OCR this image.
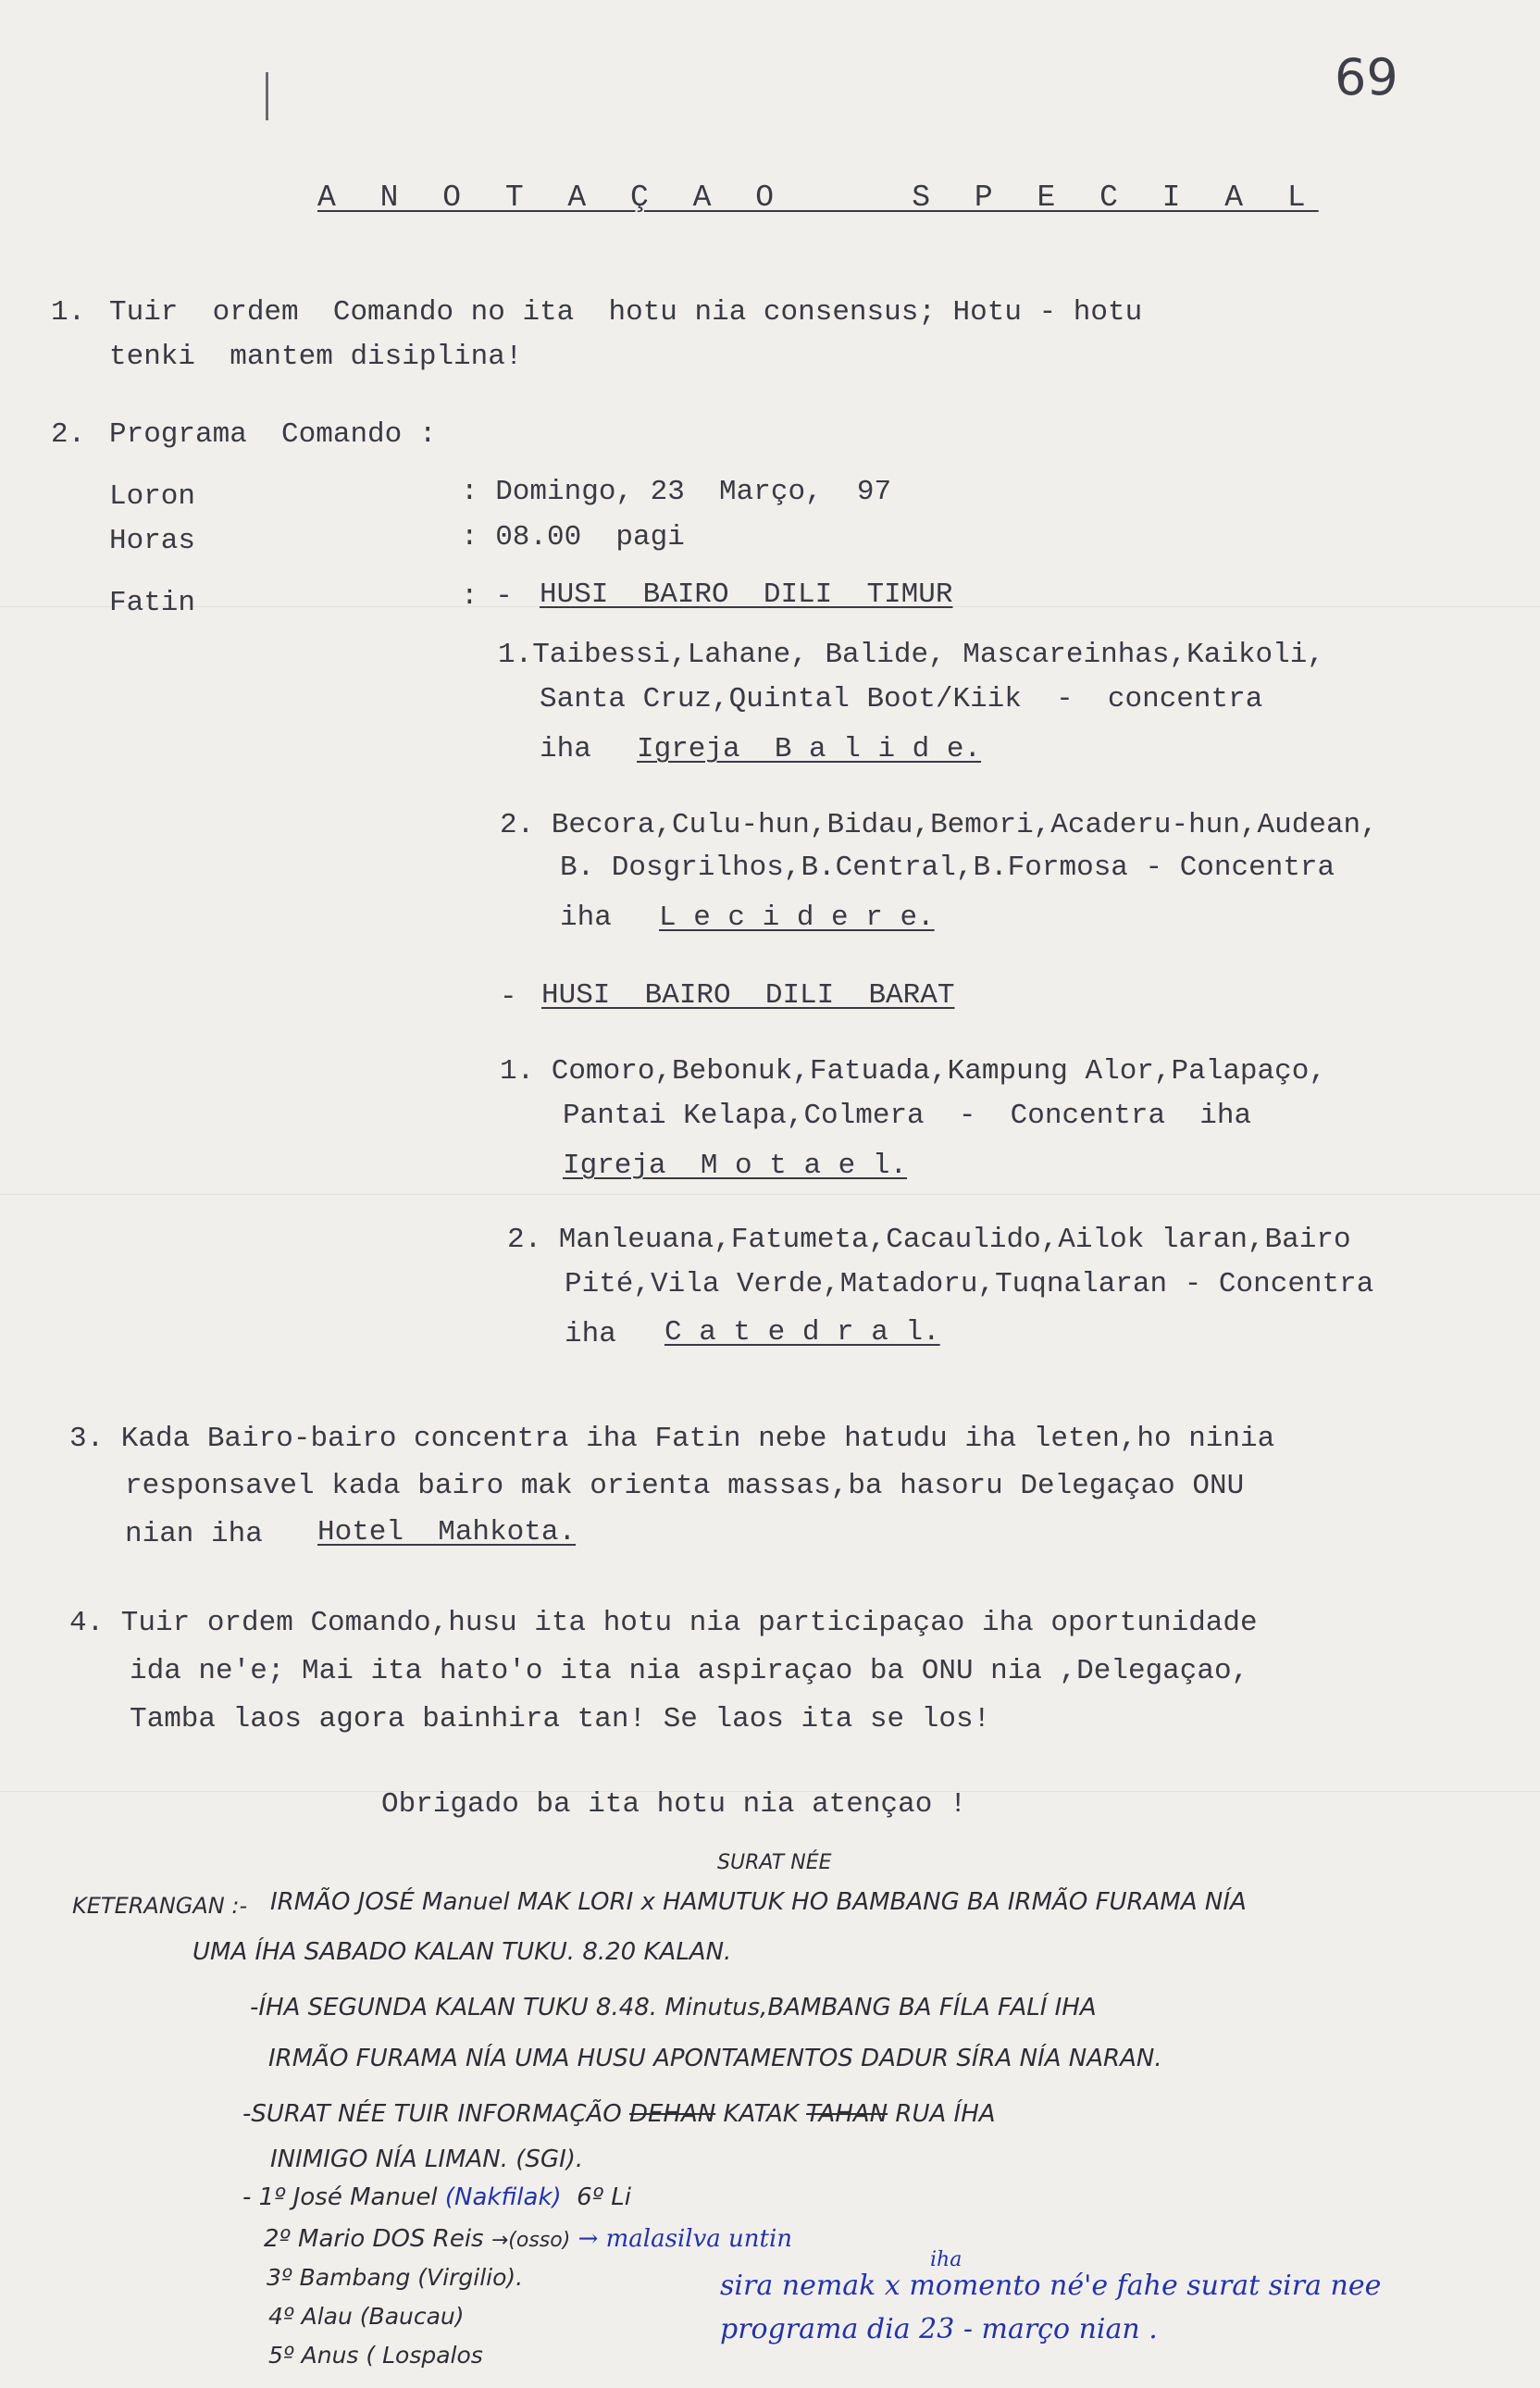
69
A N O T A Ç A O    S P E C I A L
1. Tuir  ordem  Comando no ita  hotu nia consensus; Hotu - hotu
tenki  mantem disiplina!
2. Programa  Comando :
Loron	: Domingo, 23  Março,  97
Horas	: 08.00  pagi
Fatin	: - HUSI  BAIRO  DILI  TIMUR
1.Taibessi,Lahane, Balide, Mascareinhas,Kaikoli,
Santa Cruz,Quintal Boot/Kiik  -  concentra
iha Igreja  B a l i d e.
2. Becora,Culu-hun,Bidau,Bemori,Acaderu-hun,Audean,
B. Dosgrilhos,B.Central,B.Formosa - Concentra
iha L e c i d e r e.
- HUSI  BAIRO  DILI  BARAT
1. Comoro,Bebonuk,Fatuada,Kampung Alor,Palapaço,
Pantai Kelapa,Colmera  -  Concentra  iha
Igreja  M o t a e l.
2. Manleuana,Fatumeta,Cacaulido,Ailok laran,Bairo
Pité,Vila Verde,Matadoru,Tuqnalaran - Concentra
iha C a t e d r a l.
3. Kada Bairo-bairo concentra iha Fatin nebe hatudu iha leten,ho ninia
responsavel kada bairo mak orienta massas,ba hasoru Delegaçao ONU
nian iha Hotel  Mahkota.
4. Tuir ordem Comando,husu ita hotu nia participaçao iha oportunidade
ida ne'e; Mai ita hato'o ita nia aspiraçao ba ONU nia ,Delegaçao,
Tamba laos agora bainhira tan! Se laos ita se los!
Obrigado ba ita hotu nia atençao !
SURAT NÉE
KETERANGAN :- IRMÃO JOSÉ Manuel MAK LORI x HAMUTUK HO BAMBANG BA IRMÃO FURAMA NÍA
UMA ÍHA SABADO KALAN TUKU. 8.20 KALAN.
-ÍHA SEGUNDA KALAN TUKU 8.48. Minutus,BAMBANG BA FÍLA FALÍ IHA
IRMÃO FURAMA NÍA UMA HUSU APONTAMENTOS DADUR SÍRA NÍA NARAN.
-SURAT NÉE TUIR INFORMAÇÃO DEHAN KATAK TAHAN RUA ÍHA
INIMIGO NÍA LIMAN. (SGI).
- 1º José Manuel (Nakfilak)  6º Li
2º Mario DOS Reis →(osso) → malasilva untin
3º Bambang (Virgilio).
4º Alau (Baucau)
5º Anus ( Lospalos
iha
sira nemak x momento né'e fahe surat sira nee
programa dia 23 - março nian .
